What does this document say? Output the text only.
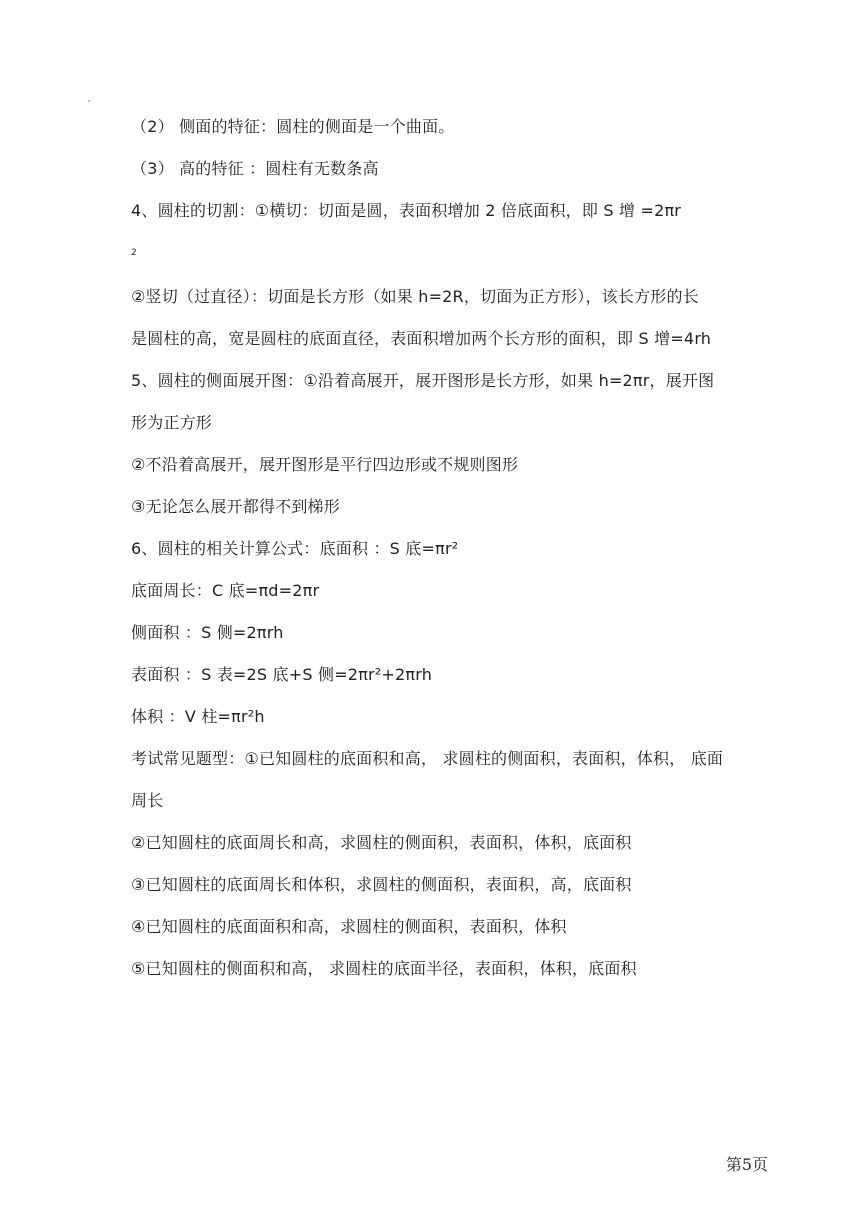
（2） 侧面的特征：圆柱的侧面是一个曲面。
（3） 高的特征 ：圆柱有无数条高
4、圆柱的切割：①横切：切面是圆，表面积增加 2 倍底面积，即 S 增 =2πr
2
②竖切（过直径）：切面是长方形（如果 h=2R，切面为正方形），该长方形的长
是圆柱的高，宽是圆柱的底面直径，表面积增加两个长方形的面积，即 S 增=4rh
5、圆柱的侧面展开图：①沿着高展开，展开图形是长方形，如果 h=2πr，展开图
形为正方形
②不沿着高展开，展开图形是平行四边形或不规则图形
③无论怎么展开都得不到梯形
6、圆柱的相关计算公式：底面积 ：S 底=πr²
底面周长：C 底=πd=2πr
侧面积 ：S 侧=2πrh
表面积 ：S 表=2S 底+S 侧=2πr²+2πrh
体积 ：V 柱=πr²h
考试常见题型：①已知圆柱的底面积和高， 求圆柱的侧面积，表面积，体积， 底面
周长
②已知圆柱的底面周长和高，求圆柱的侧面积，表面积，体积，底面积
③已知圆柱的底面周长和体积，求圆柱的侧面积，表面积，高，底面积
④已知圆柱的底面面积和高，求圆柱的侧面积，表面积，体积
⑤已知圆柱的侧面积和高， 求圆柱的底面半径，表面积，体积，底面积
第5页
